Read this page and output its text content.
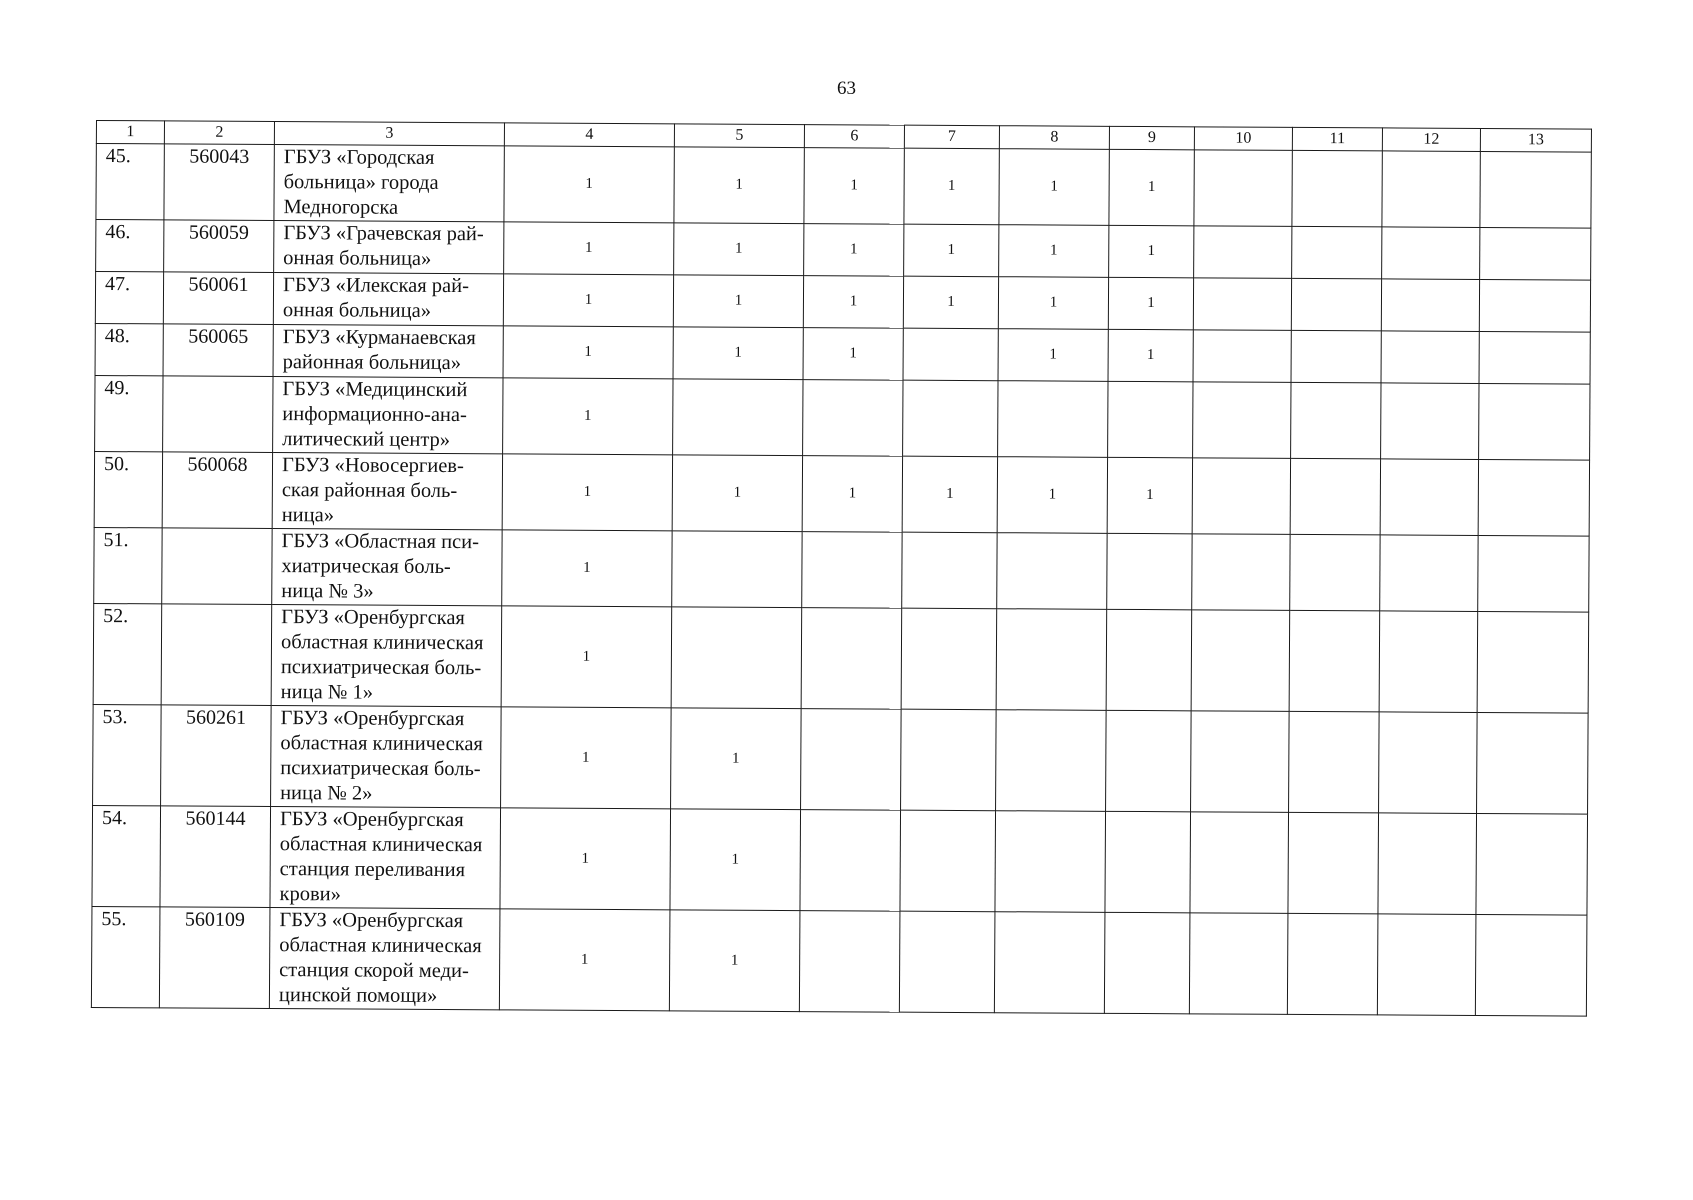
63
1	2	3	4	5	6	7	8	9	10	11	12	13
45.	560043	ГБУЗ «Городская
больница» города
Медногорска	1	1	1	1	1	1				
46.	560059	ГБУЗ «Грачевская рай-
онная больница»	1	1	1	1	1	1				
47.	560061	ГБУЗ «Илекская рай-
онная больница»	1	1	1	1	1	1				
48.	560065	ГБУЗ «Курманаевская
районная больница»	1	1	1		1	1				
49.		ГБУЗ «Медицинский
информационно-ана-
литический центр»	1									
50.	560068	ГБУЗ «Новосергиев-
ская районная боль-
ница»	1	1	1	1	1	1				
51.		ГБУЗ «Областная пси-
хиатрическая боль-
ница № 3»	1									
52.		ГБУЗ «Оренбургская
областная клиническая
психиатрическая боль-
ница № 1»	1									
53.	560261	ГБУЗ «Оренбургская
областная клиническая
психиатрическая боль-
ница № 2»	1	1								
54.	560144	ГБУЗ «Оренбургская
областная клиническая
станция переливания
крови»	1	1								
55.	560109	ГБУЗ «Оренбургская
областная клиническая
станция скорой меди-
цинской помощи»	1	1								
